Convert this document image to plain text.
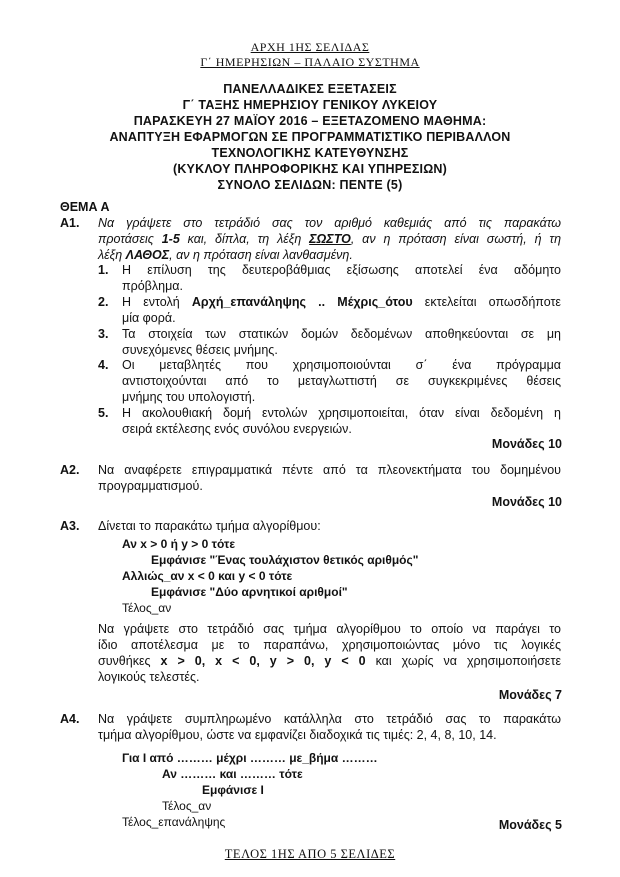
ΑΡΧΗ 1ΗΣ ΣΕΛΙΔΑΣ
Γ΄ ΗΜΕΡΗΣΙΩΝ – ΠΑΛΑΙΟ ΣΥΣΤΗΜΑ
ΠΑΝΕΛΛΑΔΙΚΕΣ ΕΞΕΤΑΣΕΙΣ
Γ΄ ΤΑΞΗΣ ΗΜΕΡΗΣΙΟΥ ΓΕΝΙΚΟΥ ΛΥΚΕΙΟΥ
ΠΑΡΑΣΚΕΥΗ 27 ΜΑΪΟΥ 2016 – ΕΞΕΤΑΖΟΜΕΝΟ ΜΑΘΗΜΑ:
ΑΝΑΠΤΥΞΗ ΕΦΑΡΜΟΓΩΝ ΣΕ ΠΡΟΓΡΑΜΜΑΤΙΣΤΙΚΟ ΠΕΡΙΒΑΛΛΟΝ
ΤΕΧΝΟΛΟΓΙΚΗΣ ΚΑΤΕΥΘΥΝΣΗΣ
(ΚΥΚΛΟΥ ΠΛΗΡΟΦΟΡΙΚΗΣ ΚΑΙ ΥΠΗΡΕΣΙΩΝ)
ΣΥΝΟΛΟ ΣΕΛΙΔΩΝ: ΠΕΝΤΕ (5)
ΘΕΜΑ Α
Α1. Να γράψετε στο τετράδιό σας τον αριθμό καθεμιάς από τις παρακάτω
προτάσεις 1-5 και, δίπλα, τη λέξη ΣΩΣΤΟ, αν η πρόταση είναι σωστή, ή τη
λέξη ΛΑΘΟΣ, αν η πρόταση είναι λανθασμένη.
1. Η επίλυση της δευτεροβάθμιας εξίσωσης αποτελεί ένα αδόμητο
πρόβλημα.
2. Η εντολή Αρχή_επανάληψης .. Μέχρις_ότου εκτελείται οπωσδήποτε
μία φορά.
3. Τα στοιχεία των στατικών δομών δεδομένων αποθηκεύονται σε μη
συνεχόμενες θέσεις μνήμης.
4. Οι μεταβλητές που χρησιμοποιούνται σ΄ ένα πρόγραμμα
αντιστοιχούνται από το μεταγλωττιστή σε συγκεκριμένες θέσεις
μνήμης του υπολογιστή.
5. Η ακολουθιακή δομή εντολών χρησιμοποιείται, όταν είναι δεδομένη η
σειρά εκτέλεσης ενός συνόλου ενεργειών.
Μονάδες 10
Α2. Να αναφέρετε επιγραμματικά πέντε από τα πλεονεκτήματα του δομημένου
προγραμματισμού.
Μονάδες 10
Α3. Δίνεται το παρακάτω τμήμα αλγορίθμου:
Αν x > 0 ή y > 0 τότε
Εμφάνισε "Ένας τουλάχιστον θετικός αριθμός"
Αλλιώς_αν x < 0 και y < 0 τότε
Εμφάνισε "Δύο αρνητικοί αριθμοί"
Τέλος_αν
Να γράψετε στο τετράδιό σας τμήμα αλγορίθμου το οποίο να παράγει το
ίδιο αποτέλεσμα με το παραπάνω, χρησιμοποιώντας μόνο τις λογικές
συνθήκες x > 0, x < 0, y > 0, y < 0 και χωρίς να χρησιμοποιήσετε
λογικούς τελεστές.
Μονάδες 7
Α4. Να γράψετε συμπληρωμένο κατάλληλα στο τετράδιό σας το παρακάτω
τμήμα αλγορίθμου, ώστε να εμφανίζει διαδοχικά τις τιμές: 2, 4, 8, 10, 14.
Για Ι από ……… μέχρι ……… με_βήμα ………
Αν ……… και ……… τότε
Εμφάνισε Ι
Τέλος_αν
Τέλος_επανάληψης	Μονάδες 5
ΤΕΛΟΣ 1ΗΣ ΑΠΟ 5 ΣΕΛΙΔΕΣ
